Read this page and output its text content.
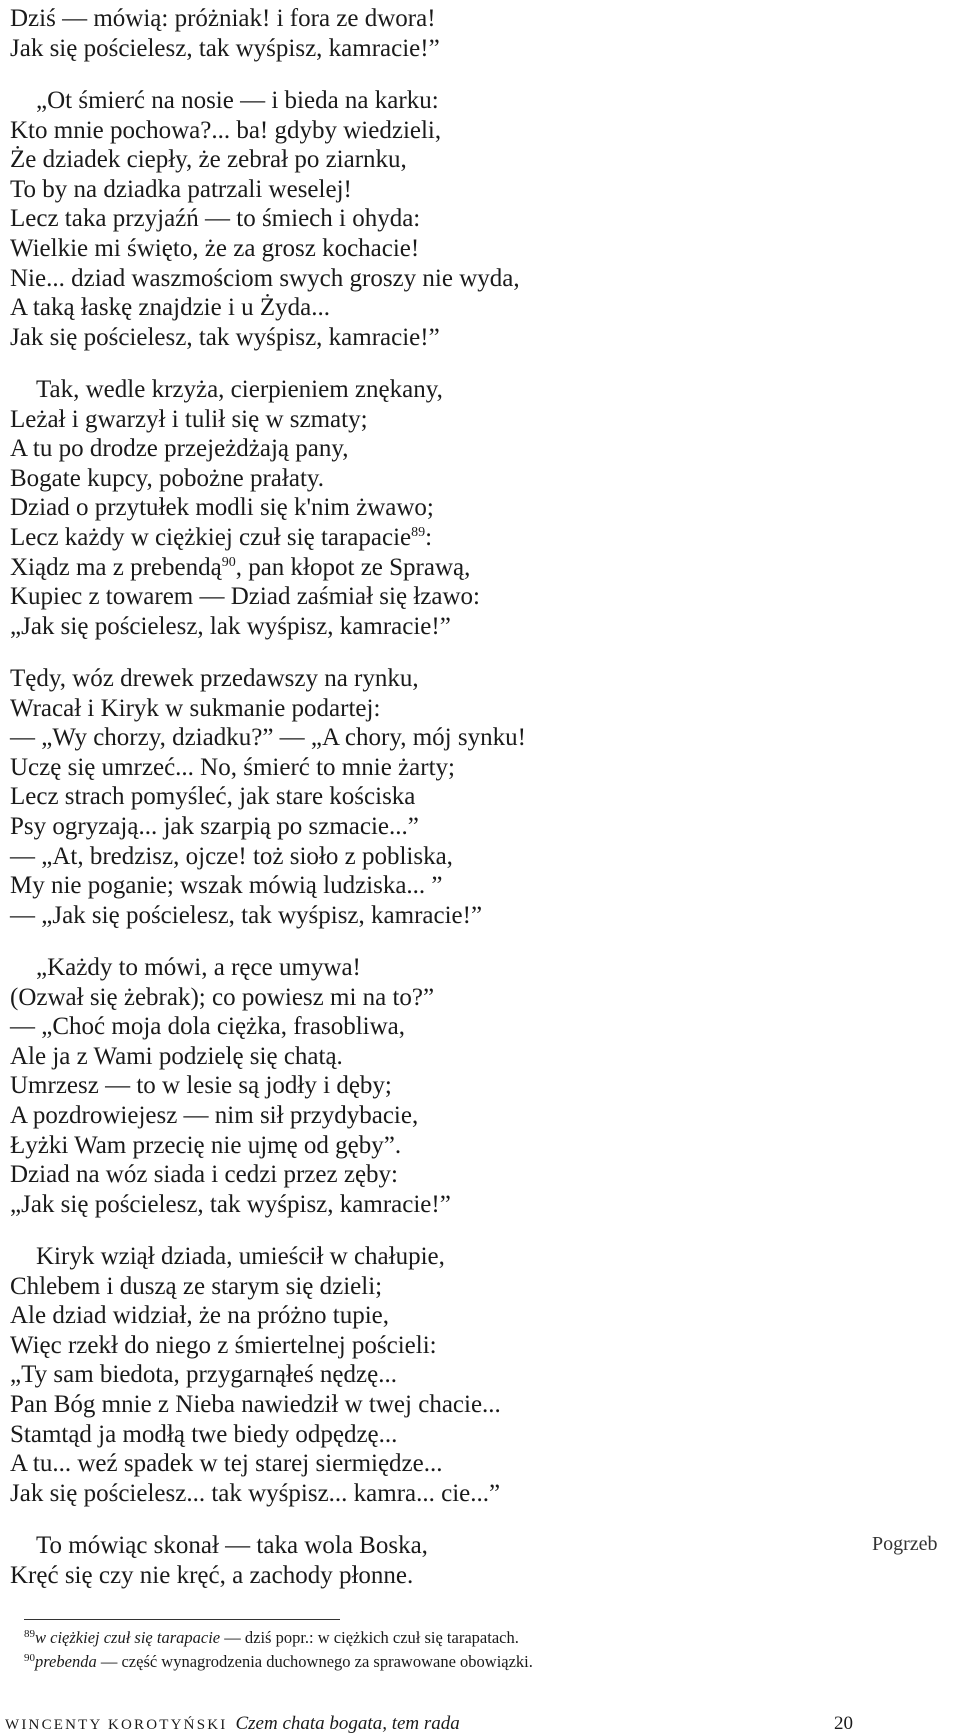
Dziś — mówią: próżniak! i fora ze dwora!
Jak się pościelesz, tak wyśpisz, kamracie!”
„Ot śmierć na nosie — i bieda na karku:
Kto mnie pochowa?... ba! gdyby wiedzieli,
Że dziadek ciepły, że zebrał po ziarnku,
To by na dziadka patrzali weselej!
Lecz taka przyjaźń — to śmiech i ohyda:
Wielkie mi święto, że za grosz kochacie!
Nie... dziad waszmościom swych groszy nie wyda,
A taką łaskę znajdzie i u Żyda...
Jak się pościelesz, tak wyśpisz, kamracie!”
Tak, wedle krzyża, cierpieniem znękany,
Leżał i gwarzył i tulił się w szmaty;
A tu po drodze przejeżdżają pany,
Bogate kupcy, pobożne prałaty.
Dziad o przytułek modli się k'nim żwawo;
Lecz każdy w ciężkiej czuł się tarapacie$^{89}$:
Xiądz ma z prebendą$^{90}$, pan kłopot ze Sprawą,
Kupiec z towarem — Dziad zaśmiał się łzawo:
„Jak się pościelesz, lak wyśpisz, kamracie!”
Tędy, wóz drewek przedawszy na rynku,
Wracał i Kiryk w sukmanie podartej:
— „Wy chorzy, dziadku?” — „A chory, mój synku!
Uczę się umrzeć... No, śmierć to mnie żarty;
Lecz strach pomyśleć, jak stare kościska
Psy ogryzają... jak szarpią po szmacie...”
— „At, bredzisz, ojcze! toż sioło z pobliska,
My nie poganie; wszak mówią ludziska... ”
— „Jak się pościelesz, tak wyśpisz, kamracie!”
„Każdy to mówi, a ręce umywa!
(Ozwał się żebrak); co powiesz mi na to?”
— „Choć moja dola ciężka, frasobliwa,
Ale ja z Wami podzielę się chatą.
Umrzesz — to w lesie są jodły i dęby;
A pozdrowiejesz — nim sił przydybacie,
Łyżki Wam przecię nie ujmę od gęby”.
Dziad na wóz siada i cedzi przez zęby:
„Jak się pościelesz, tak wyśpisz, kamracie!”
Kiryk wziął dziada, umieścił w chałupie,
Chlebem i duszą ze starym się dzieli;
Ale dziad widział, że na próżno tupie,
Więc rzekł do niego z śmiertelnej pościeli:
„Ty sam biedota, przygarnąłeś nędzę...
Pan Bóg mnie z Nieba nawiedził w twej chacie...
Stamtąd ja modłą twe biedy odpędzę...
A tu... weź spadek w tej starej siermiędze...
Jak się pościelesz... tak wyśpisz... kamra... cie...”
To mówiąc skonał — taka wola Boska,
Kręć się czy nie kręć, a zachody płonne.
Pogrzeb
$^{89}$w ciężkiej czuł się tarapacie — dziś popr.: w ciężkich czuł się tarapatach.
$^{90}$prebenda — część wynagrodzenia duchownego za sprawowane obowiązki.
WINCENTY KOROTYŃSKI Czem chata bogata, tem rada	20
